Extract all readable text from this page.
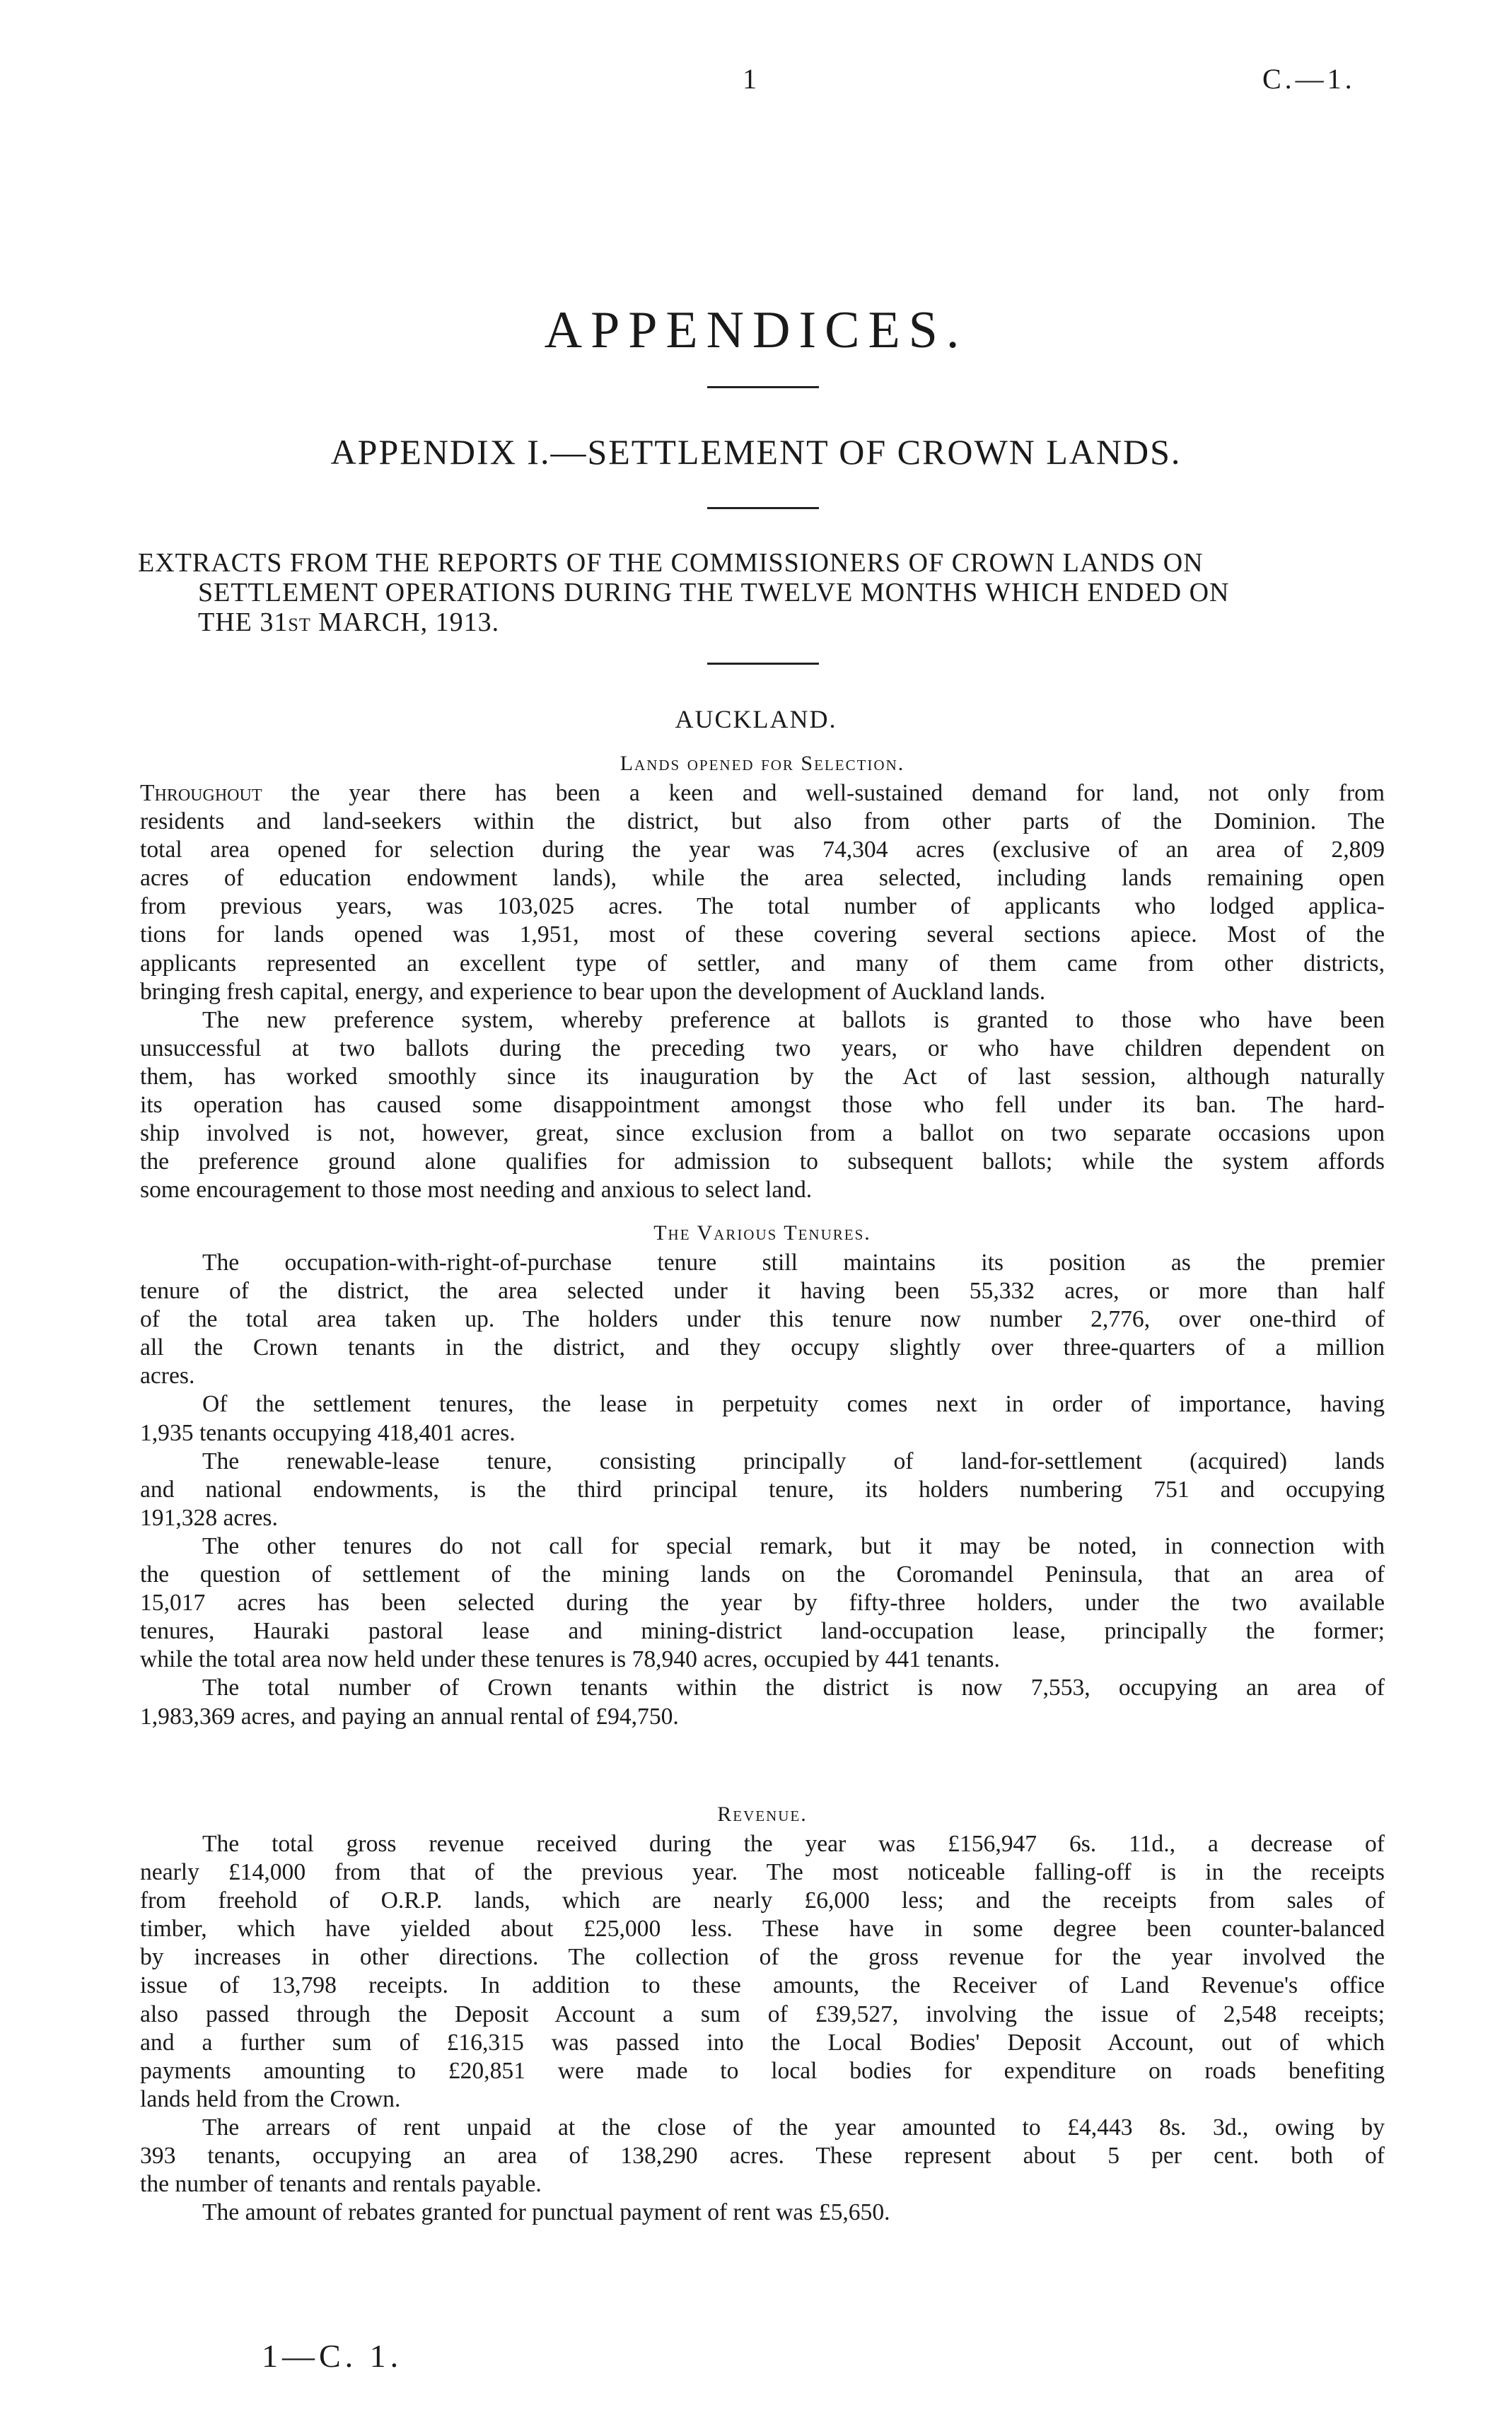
1	C.—1.
APPENDICES.
APPENDIX I.—SETTLEMENT OF CROWN LANDS.
EXTRACTS FROM THE REPORTS OF THE COMMISSIONERS OF CROWN LANDS ON
SETTLEMENT OPERATIONS DURING THE TWELVE MONTHS WHICH ENDED ON
THE 31ST MARCH, 1913.
AUCKLAND.
Lands opened for Selection.

Throughout the year there has been a keen and well-sustained demand for land, not only from

residents and land-seekers within the district, but also from other parts of the Dominion. The

total area opened for selection during the year was 74,304 acres (exclusive of an area of 2,809

acres of education endowment lands), while the area selected, including lands remaining open

from previous years, was 103,025 acres. The total number of applicants who lodged applica-

tions for lands opened was 1,951, most of these covering several sections apiece. Most of the

applicants represented an excellent type of settler, and many of them came from other districts,

bringing fresh capital, energy, and experience to bear upon the development of Auckland lands.

The new preference system, whereby preference at ballots is granted to those who have been

unsuccessful at two ballots during the preceding two years, or who have children dependent on

them, has worked smoothly since its inauguration by the Act of last session, although naturally

its operation has caused some disappointment amongst those who fell under its ban. The hard-

ship involved is not, however, great, since exclusion from a ballot on two separate occasions upon

the preference ground alone qualifies for admission to subsequent ballots; while the system affords

some encouragement to those most needing and anxious to select land.

The Various Tenures.

The occupation-with-right-of-purchase tenure still maintains its position as the premier

tenure of the district, the area selected under it having been 55,332 acres, or more than half

of the total area taken up. The holders under this tenure now number 2,776, over one-third of

all the Crown tenants in the district, and they occupy slightly over three-quarters of a million

acres.

Of the settlement tenures, the lease in perpetuity comes next in order of importance, having

1,935 tenants occupying 418,401 acres.

The renewable-lease tenure, consisting principally of land-for-settlement (acquired) lands

and national endowments, is the third principal tenure, its holders numbering 751 and occupying

191,328 acres.

The other tenures do not call for special remark, but it may be noted, in connection with

the question of settlement of the mining lands on the Coromandel Peninsula, that an area of

15,017 acres has been selected during the year by fifty-three holders, under the two available

tenures, Hauraki pastoral lease and mining-district land-occupation lease, principally the former;

while the total area now held under these tenures is 78,940 acres, occupied by 441 tenants.

The total number of Crown tenants within the district is now 7,553, occupying an area of

1,983,369 acres, and paying an annual rental of £94,750.

Revenue.

The total gross revenue received during the year was £156,947 6s. 11d., a decrease of

nearly £14,000 from that of the previous year. The most noticeable falling-off is in the receipts

from freehold of O.R.P. lands, which are nearly £6,000 less; and the receipts from sales of

timber, which have yielded about £25,000 less. These have in some degree been counter-balanced

by increases in other directions. The collection of the gross revenue for the year involved the

issue of 13,798 receipts. In addition to these amounts, the Receiver of Land Revenue's office

also passed through the Deposit Account a sum of £39,527, involving the issue of 2,548 receipts;

and a further sum of £16,315 was passed into the Local Bodies' Deposit Account, out of which

payments amounting to £20,851 were made to local bodies for expenditure on roads benefiting

lands held from the Crown.

The arrears of rent unpaid at the close of the year amounted to £4,443 8s. 3d., owing by

393 tenants, occupying an area of 138,290 acres. These represent about 5 per cent. both of

the number of tenants and rentals payable.

The amount of rebates granted for punctual payment of rent was £5,650.

1—C. 1.
